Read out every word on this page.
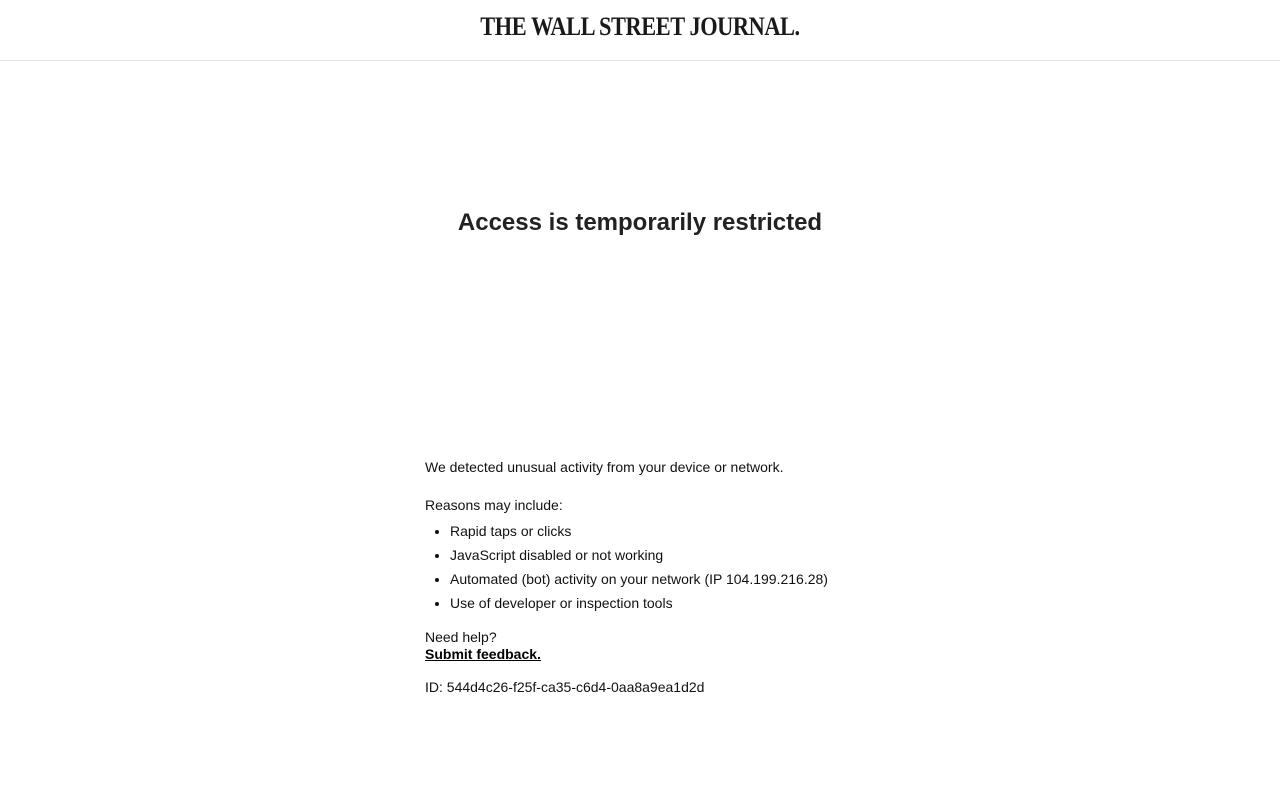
THE WALL STREET JOURNAL.
Access is temporarily restricted

We detected unusual activity from your device or network.

Reasons may include:

• Rapid taps or clicks
• JavaScript disabled or not working
• Automated (bot) activity on your network (IP 104.199.216.28)
• Use of developer or inspection tools
Need help?
Submit feedback.

ID: 544d4c26-f25f-ca35-c6d4-0aa8a9ea1d2d
